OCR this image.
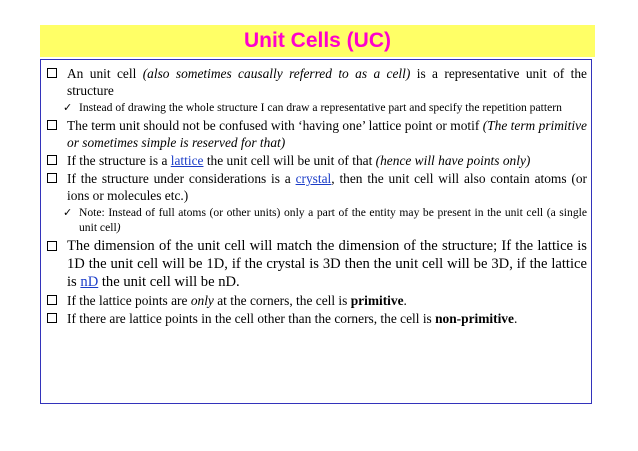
Unit Cells (UC)
An unit cell (also sometimes causally referred to as a cell) is a representative unit of the structure
✓ Instead of drawing the whole structure I can draw a representative part and specify the repetition pattern
The term unit should not be confused with ‘having one’ lattice point or motif (The term primitive or sometimes simple is reserved for that)
If the structure is a lattice the unit cell will be unit of that (hence will have points only)
If the structure under considerations is a crystal, then the unit cell will also contain atoms (or ions or molecules etc.)
✓ Note: Instead of full atoms (or other units) only a part of the entity may be present in the unit cell (a single unit cell)
The dimension of the unit cell will match the dimension of the structure; If the lattice is 1D the unit cell will be 1D, if the crystal is 3D then the unit cell will be 3D, if the lattice is nD the unit cell will be nD.
If the lattice points are only at the corners, the cell is primitive.
If there are lattice points in the cell other than the corners, the cell is non-primitive.
